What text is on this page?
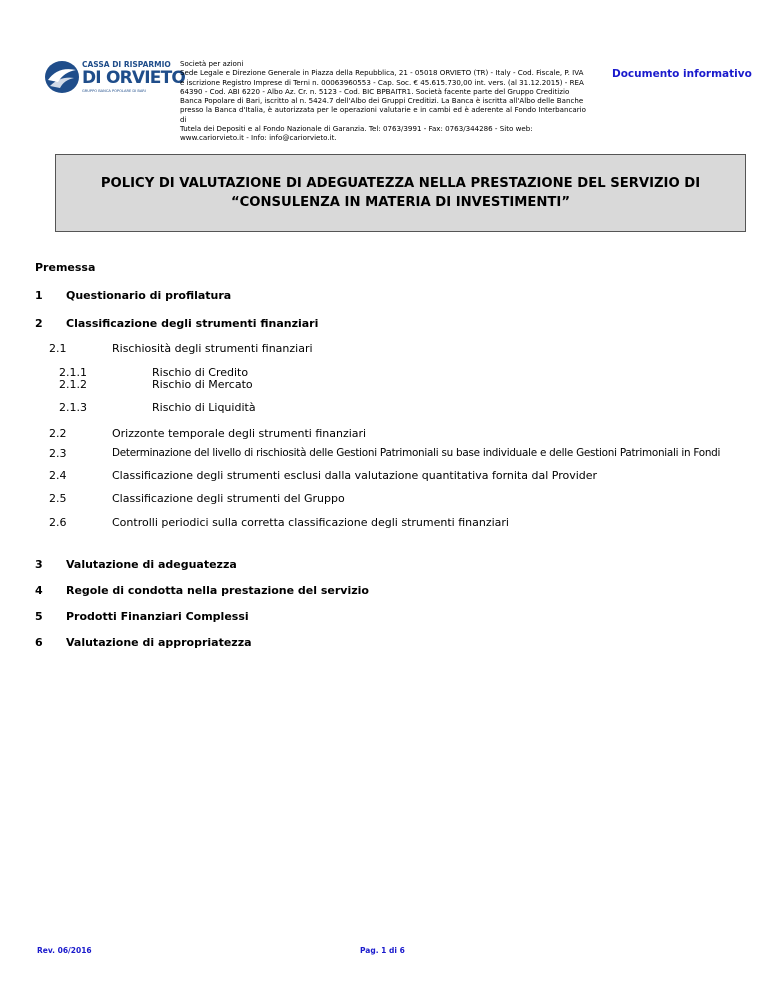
CASSA DI RISPARMIO
DI ORVIETO
GRUPPO BANCA POPOLARE DI BARI
Società per azioni
Sede Legale e Direzione Generale in Piazza della Repubblica, 21 - 05018 ORVIETO (TR) - Italy - Cod. Fiscale, P. IVA
e iscrizione Registro Imprese di Terni n. 00063960553 - Cap. Soc. € 45.615.730,00 int. vers. (al 31.12.2015) - REA
64390 - Cod. ABI 6220 - Albo Az. Cr. n. 5123 - Cod. BIC BPBAITR1. Società facente parte del Gruppo Creditizio
Banca Popolare di Bari, iscritto al n. 5424.7 dell'Albo dei Gruppi Creditizi. La Banca è iscritta all'Albo delle Banche
presso la Banca d'Italia, è autorizzata per le operazioni valutarie e in cambi ed è aderente al Fondo Interbancario di
Tutela dei Depositi e al Fondo Nazionale di Garanzia. Tel: 0763/3991 - Fax: 0763/344286 - Sito web:
www.cariorvieto.it - Info: info@cariorvieto.it.
Documento informativo
POLICY DI VALUTAZIONE DI ADEGUATEZZA NELLA PRESTAZIONE DEL SERVIZIO DI
“CONSULENZA IN MATERIA DI INVESTIMENTI”
Premessa
1 Questionario di profilatura
2 Classificazione degli strumenti finanziari
2.1	Rischiosità degli strumenti finanziari
2.1.1	Rischio di Credito
2.1.2	Rischio di Mercato
2.1.3	Rischio di Liquidità
2.2	Orizzonte temporale degli strumenti finanziari
2.3	Determinazione del livello di rischiosità delle Gestioni Patrimoniali su base individuale e delle Gestioni Patrimoniali in Fondi
2.4	Classificazione degli strumenti esclusi dalla valutazione quantitativa fornita dal Provider
2.5	Classificazione degli strumenti del Gruppo
2.6	Controlli periodici sulla corretta classificazione degli strumenti finanziari
3 Valutazione di adeguatezza
4 Regole di condotta nella prestazione del servizio
5 Prodotti Finanziari Complessi
6 Valutazione di appropriatezza
Rev. 06/2016	Pag. 1 di 6
